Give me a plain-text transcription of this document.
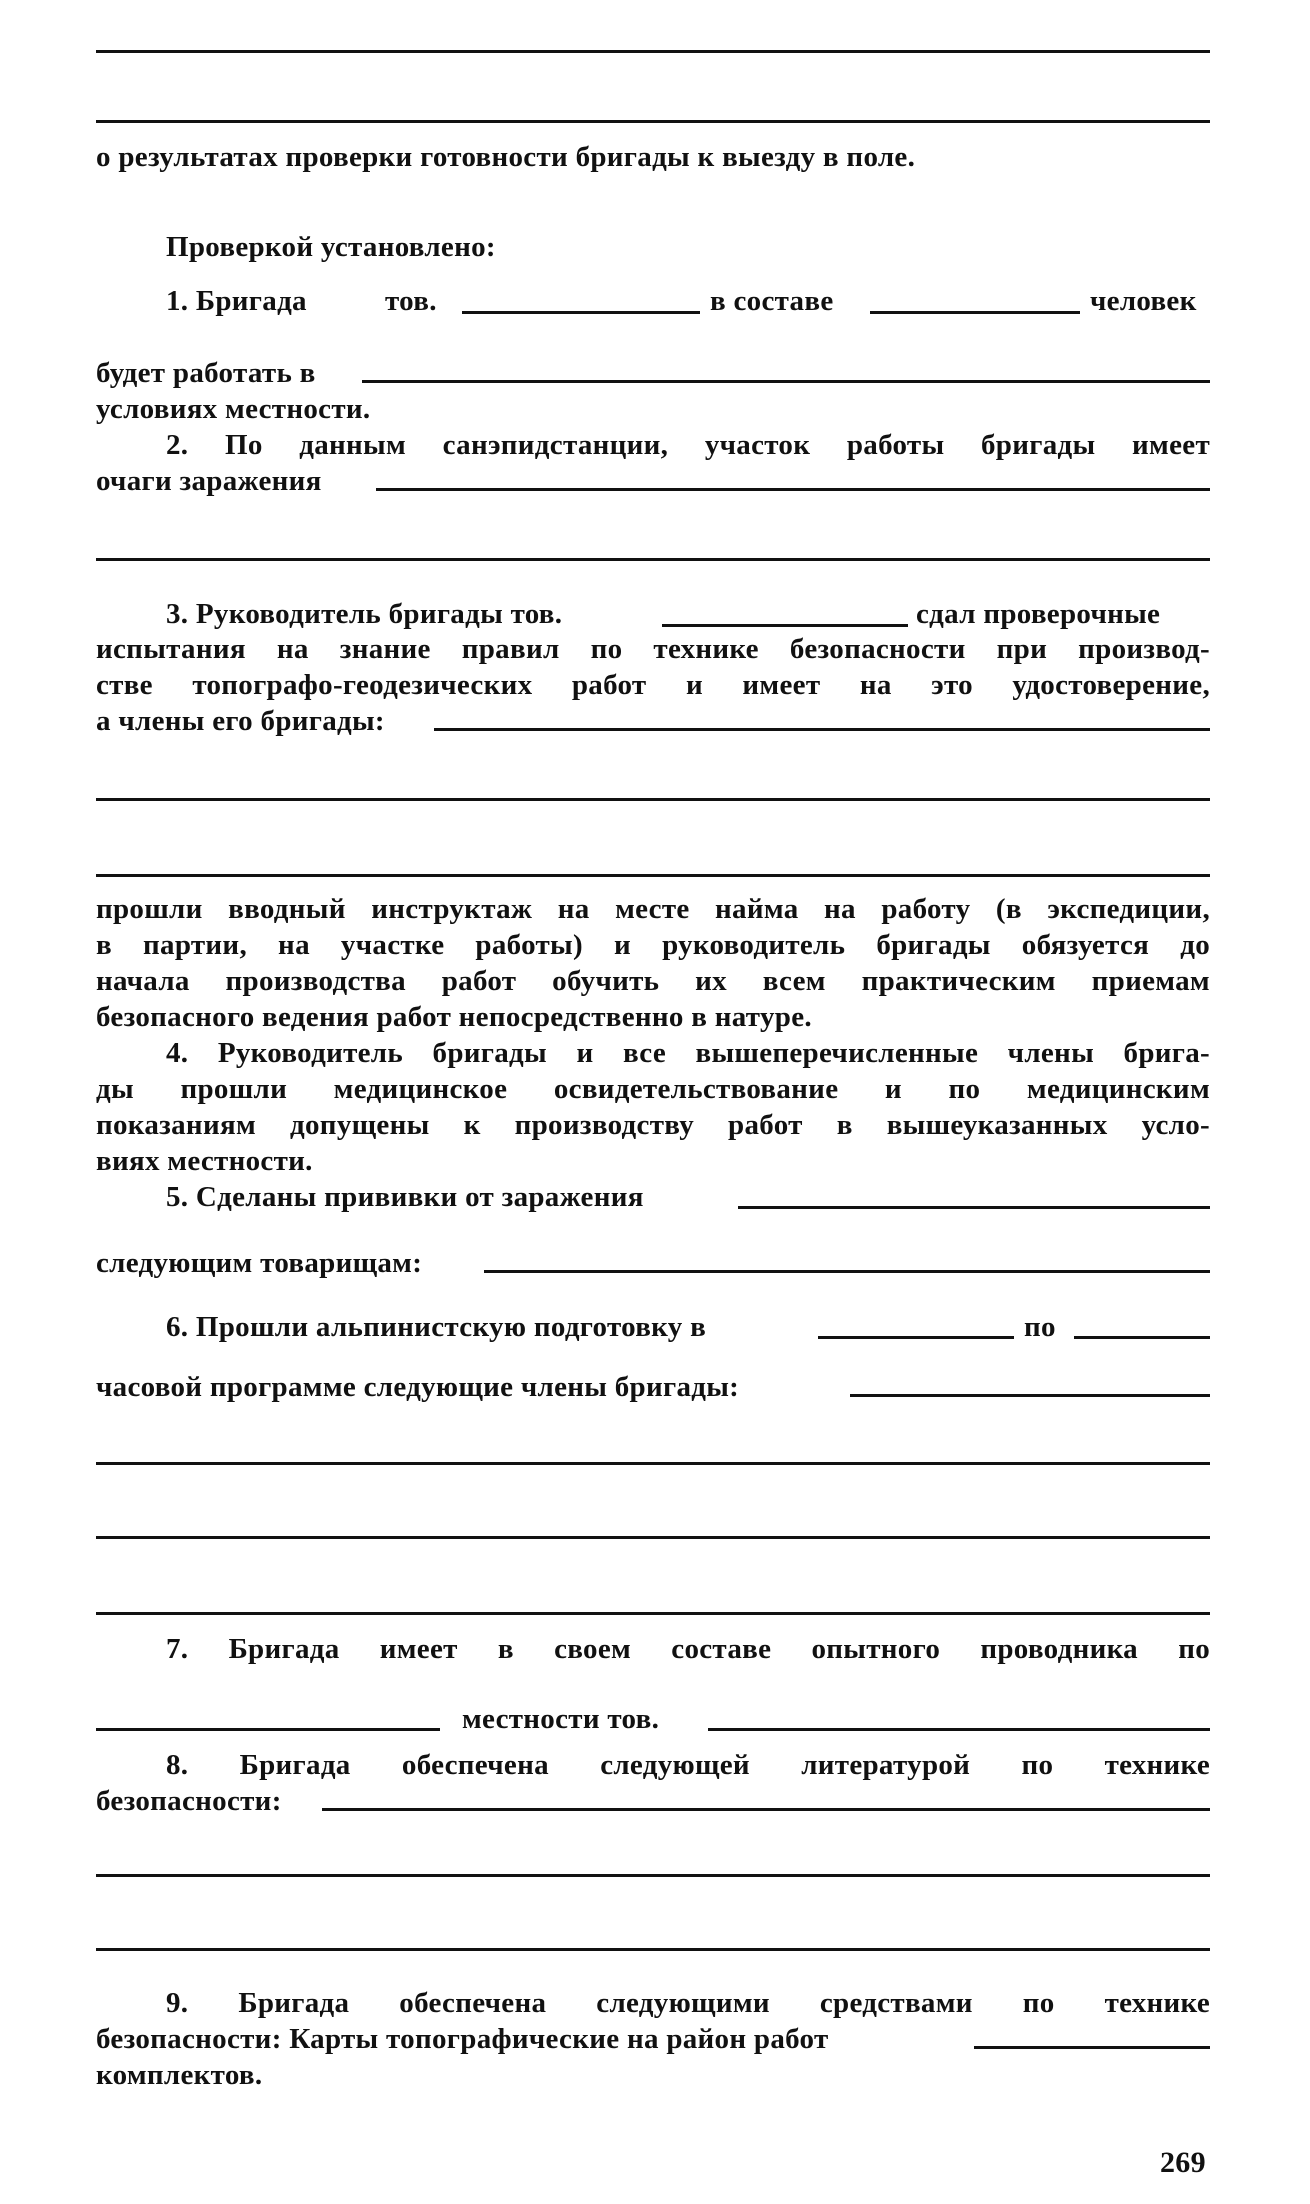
о результатах проверки готовности бригады к выезду в поле.
Проверкой установлено:
1. Бригада	тов.	в составе	человек
будет работать в
условиях местности.
2. По данным санэпидстанции, участок работы бригады имеет
очаги заражения
3. Руководитель бригады тов.	сдал проверочные
испытания на знание правил по технике безопасности при производ-
стве топографо-геодезических работ и имеет на это удостоверение,
а члены его бригады:
прошли вводный инструктаж на месте найма на работу (в экспедиции,
в партии, на участке работы) и руководитель бригады обязуется до
начала производства работ обучить их всем практическим приемам
безопасного ведения работ непосредственно в натуре.
4. Руководитель бригады и все вышеперечисленные члены брига-
ды прошли медицинское освидетельствование и по медицинским
показаниям допущены к производству работ в вышеуказанных усло-
виях местности.
5. Сделаны прививки от заражения
следующим товарищам:
6. Прошли альпинистскую подготовку в	по
часовой программе следующие члены бригады:
7. Бригада имеет в своем составе опытного проводника по
местности тов.
8. Бригада обеспечена следующей литературой по технике
безопасности:
9. Бригада обеспечена следующими средствами по технике
безопасности: Карты топографические на район работ
комплектов.
269
